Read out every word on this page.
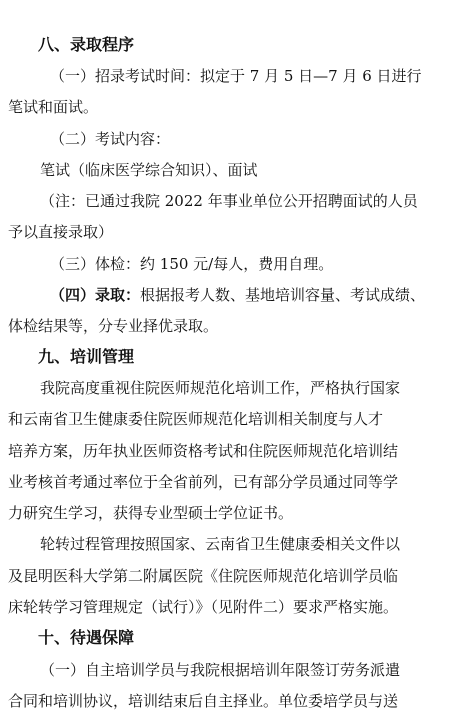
八、录取程序
（一）招录考试时间：拟定于 7 月 5 日—7 月 6 日进行
笔试和面试。
（二）考试内容：
笔试（临床医学综合知识）、面试
（注：已通过我院 2022 年事业单位公开招聘面试的人员
予以直接录取）
（三）体检：约 150 元/每人，费用自理。
（四）录取：根据报考人数、基地培训容量、考试成绩、
体检结果等，分专业择优录取。
九、培训管理
我院高度重视住院医师规范化培训工作，严格执行国家
和云南省卫生健康委住院医师规范化培训相关制度与人才
培养方案，历年执业医师资格考试和住院医师规范化培训结
业考核首考通过率位于全省前列，已有部分学员通过同等学
力研究生学习，获得专业型硕士学位证书。
轮转过程管理按照国家、云南省卫生健康委相关文件以
及昆明医科大学第二附属医院《住院医师规范化培训学员临
床轮转学习管理规定（试行）》（见附件二）要求严格实施。
十、待遇保障
（一）自主培训学员与我院根据培训年限签订劳务派遣
合同和培训协议，培训结束后自主择业。单位委培学员与送
